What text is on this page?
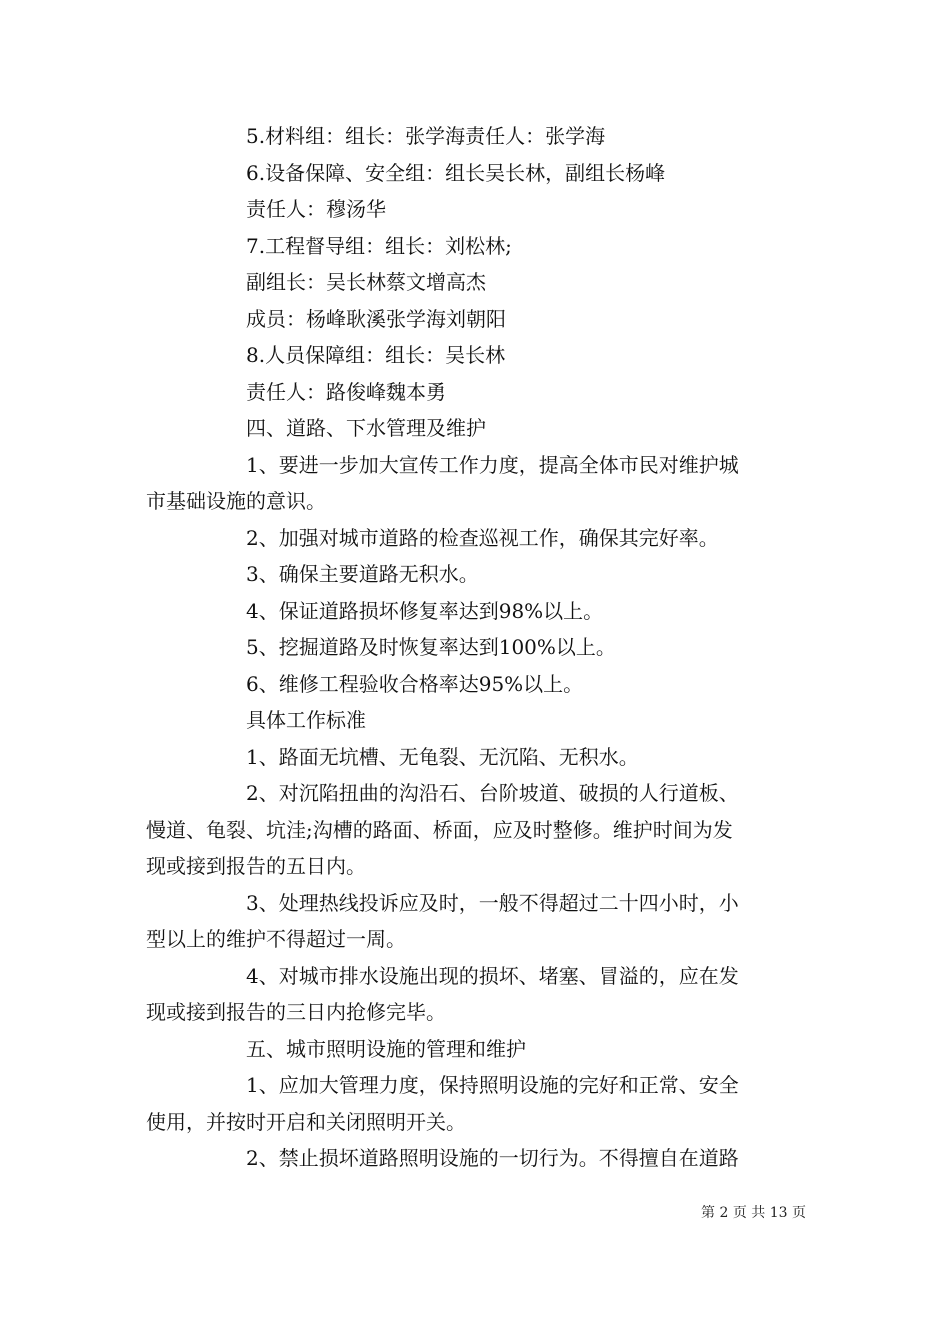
5.材料组：组长：张学海责任人：张学海
6.设备保障、安全组：组长吴长林，副组长杨峰
责任人：穆汤华
7.工程督导组：组长：刘松林;
副组长：吴长林蔡文增高杰
成员：杨峰耿溪张学海刘朝阳
8.人员保障组：组长：吴长林
责任人：路俊峰魏本勇
四、道路、下水管理及维护
1、要进一步加大宣传工作力度，提高全体市民对维护城
市基础设施的意识。
2、加强对城市道路的检查巡视工作，确保其完好率。
3、确保主要道路无积水。
4、保证道路损坏修复率达到98%以上。
5、挖掘道路及时恢复率达到100%以上。
6、维修工程验收合格率达95%以上。
具体工作标准
1、路面无坑槽、无龟裂、无沉陷、无积水。
2、对沉陷扭曲的沟沿石、台阶坡道、破损的人行道板、
慢道、龟裂、坑洼;沟槽的路面、桥面，应及时整修。维护时间为发
现或接到报告的五日内。
3、处理热线投诉应及时，一般不得超过二十四小时，小
型以上的维护不得超过一周。
4、对城市排水设施出现的损坏、堵塞、冒溢的，应在发
现或接到报告的三日内抢修完毕。
五、城市照明设施的管理和维护
1、应加大管理力度，保持照明设施的完好和正常、安全
使用，并按时开启和关闭照明开关。
2、禁止损坏道路照明设施的一切行为。不得擅自在道路
第 2 页 共 13 页
